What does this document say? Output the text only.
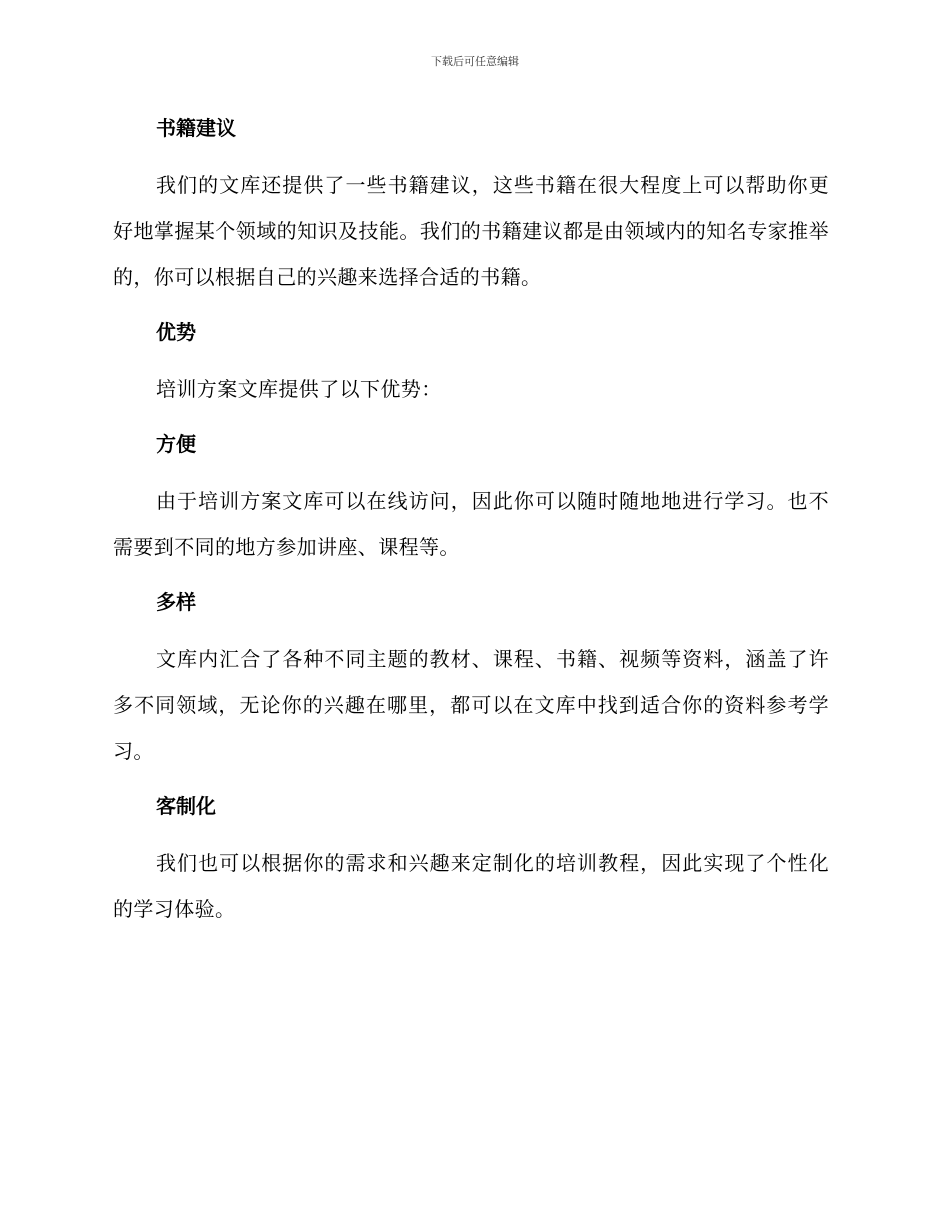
下载后可任意编辑
书籍建议

我们的文库还提供了一些书籍建议，这些书籍在很大程度上可以帮助你更好地掌握某个领域的知识及技能。我们的书籍建议都是由领域内的知名专家推举的，你可以根据自己的兴趣来选择合适的书籍。

优势

培训方案文库提供了以下优势：

方便

由于培训方案文库可以在线访问，因此你可以随时随地地进行学习。也不需要到不同的地方参加讲座、课程等。

多样

文库内汇合了各种不同主题的教材、课程、书籍、视频等资料，涵盖了许多不同领域，无论你的兴趣在哪里，都可以在文库中找到适合你的资料参考学习。

客制化

我们也可以根据你的需求和兴趣来定制化的培训教程，因此实现了个性化的学习体验。
